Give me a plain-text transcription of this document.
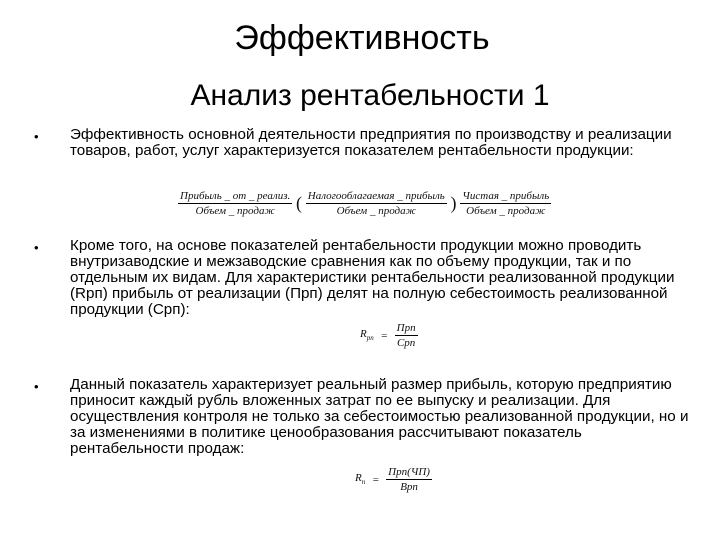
Эффективность
Анализ рентабельности 1
• Эффективность основной деятельности предприятия по производству и реализации товаров, работ, услуг характеризуется показателем рентабельности продукции:
$\frac{\text{Прибыль \_ от \_ реализ.}}{\text{Объем \_ продаж}}$ ( $\frac{\text{Налогооблагаемая \_ прибыль}}{\text{Объем \_ продаж}}$ ) $\frac{\text{Чистая \_ прибыль}}{\text{Объем \_ продаж}}$
• Кроме того, на основе показателей рентабельности продукции можно проводить внутризаводские и межзаводские сравнения как по объему продукции, так и по отдельным их видам. Для характеристики рентабельности реализованной продукции (Rрп) прибыль от реализации (Прп) делят на полную себестоимость реализованной продукции (Срп):
$R_{рп} = \frac{\text{Прп}}{\text{Срп}}$
• Данный показатель характеризует реальный размер прибыль, которую предприятию приносит каждый рубль вложенных затрат по ее выпуску и реализации. Для осуществления контроля не только за себестоимостью реализованной продукции, но и за изменениями в политике ценообразования рассчитывают показатель рентабельности продаж:
$R_п = \frac{\text{Прп(ЧП)}}{\text{Врп}}$
